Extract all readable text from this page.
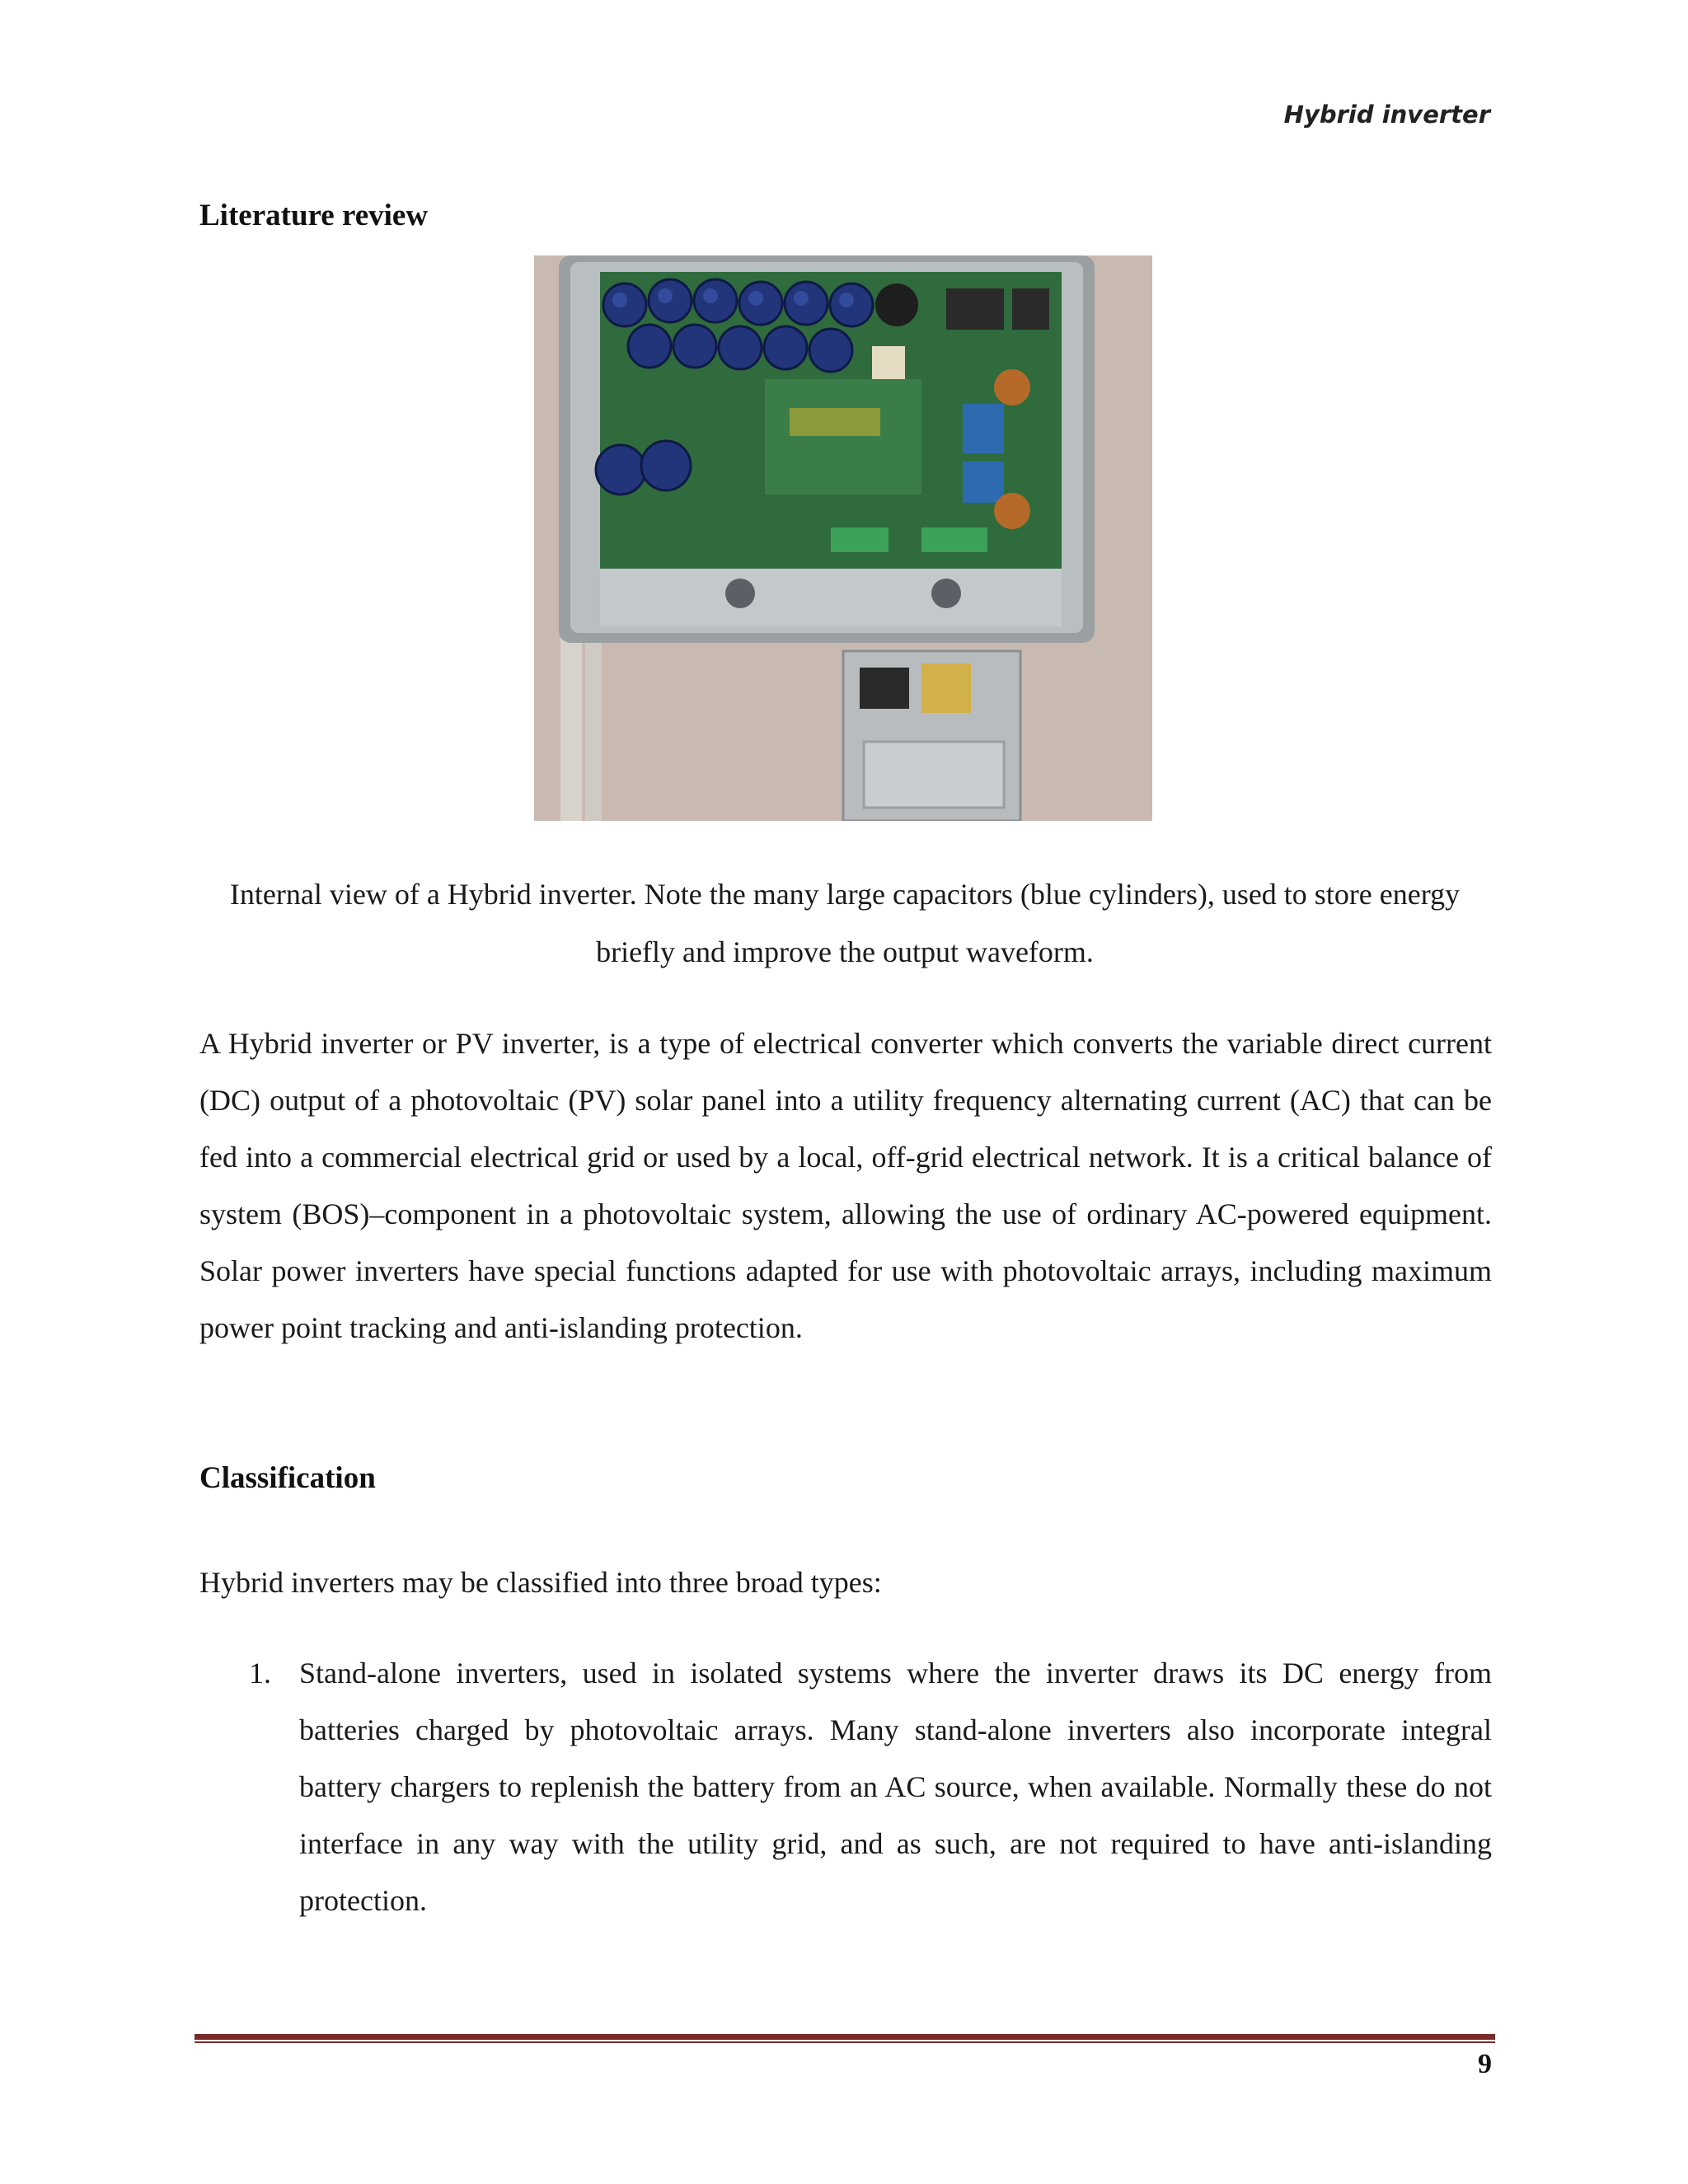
Hybrid inverter
Literature review
Internal view of a Hybrid inverter. Note the many large capacitors (blue cylinders), used to store energy briefly and improve the output waveform.
A Hybrid inverter or PV inverter, is a type of electrical converter which converts the variable direct current (DC) output of a photovoltaic (PV) solar panel into a utility frequency alternating current (AC) that can be fed into a commercial electrical grid or used by a local, off-grid electrical network. It is a critical balance of system (BOS)–component in a photovoltaic system, allowing the use of ordinary AC-powered equipment. Solar power inverters have special functions adapted for use with photovoltaic arrays, including maximum power point tracking and anti-islanding protection.
Classification
Hybrid inverters may be classified into three broad types:
1. Stand-alone inverters, used in isolated systems where the inverter draws its DC energy from batteries charged by photovoltaic arrays. Many stand-alone inverters also incorporate integral battery chargers to replenish the battery from an AC source, when available. Normally these do not interface in any way with the utility grid, and as such, are not required to have anti-islanding protection.
9
